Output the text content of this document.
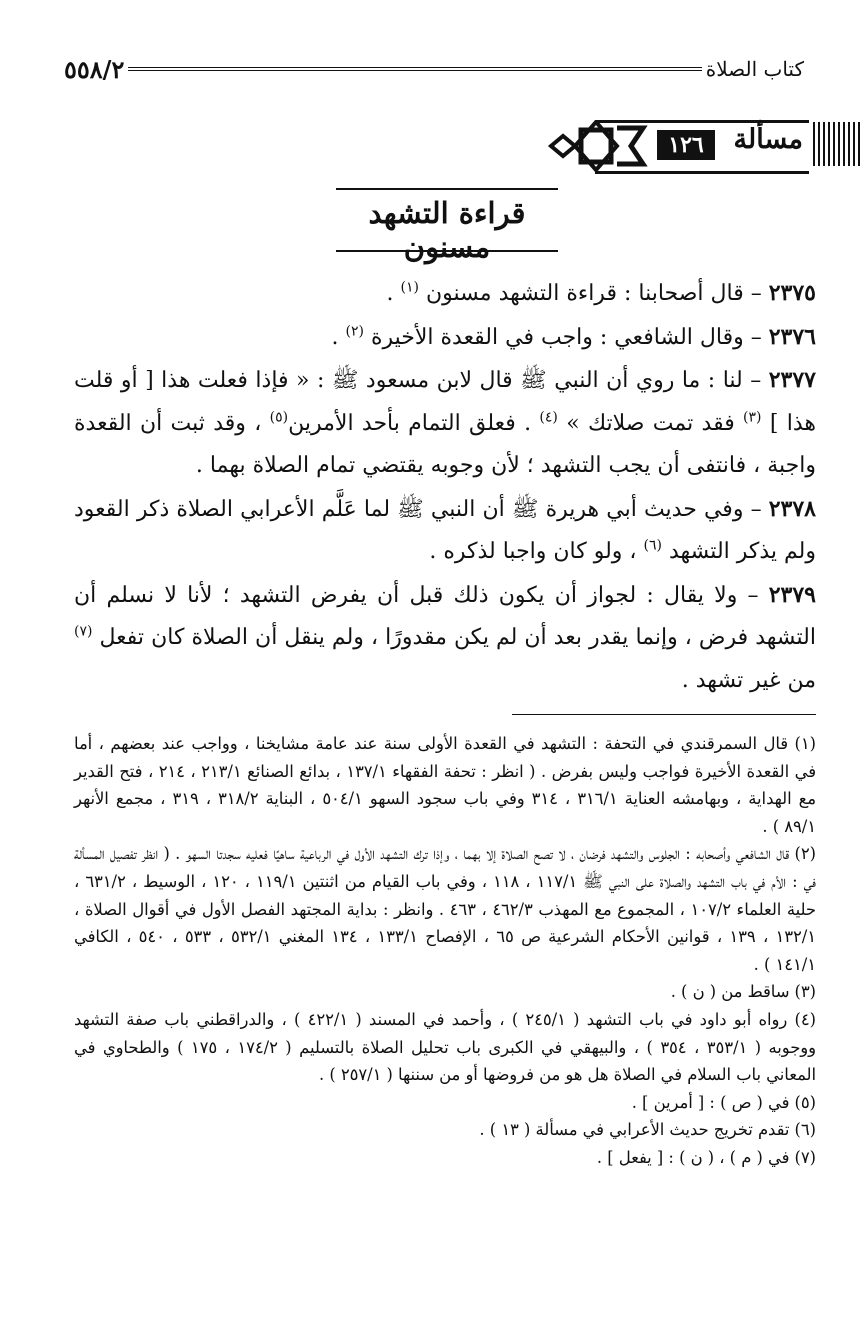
كتاب الصلاة
٥٥٨/٢
مسألة
١٢٦
قراءة التشهد مسنون

٢٣٧٥ – قال أصحابنا : قراءة التشهد مسنون $^{(١)}$ .

٢٣٧٦ – وقال الشافعي : واجب في القعدة الأخيرة $^{(٢)}$ .

٢٣٧٧ – لنا : ما روي أن النبي ﷺ قال لابن مسعود ﷺ : « فإذا فعلت هذا [ أو قلت هذا ] $^{(٣)}$ فقد تمت صلاتك » $^{(٤)}$ . فعلق التمام بأحد الأمرين$^{(٥)}$ ، وقد ثبت أن القعدة واجبة ، فانتفى أن يجب التشهد ؛ لأن وجوبه يقتضي تمام الصلاة بهما .

٢٣٧٨ – وفي حديث أبي هريرة ﷺ أن النبي ﷺ لما عَلَّم الأعرابي الصلاة ذكر القعود ولم يذكر التشهد $^{(٦)}$ ، ولو كان واجبا لذكره .

٢٣٧٩ – ولا يقال : لجواز أن يكون ذلك قبل أن يفرض التشهد ؛ لأنا لا نسلم أن التشهد فرض ، وإنما يقدر بعد أن لم يكن مقدورًا ، ولم ينقل أن الصلاة كان تفعل $^{(٧)}$ من غير تشهد .

(١) قال السمرقندي في التحفة : التشهد في القعدة الأولى سنة عند عامة مشايخنا ، وواجب عند بعضهم ، أما في القعدة الأخيرة فواجب وليس بفرض . ( انظر : تحفة الفقهاء ١٣٧/١ ، بدائع الصنائع ٢١٣/١ ، ٢١٤ ، فتح القدير مع الهداية ، وبهامشه العناية ٣١٦/١ ، ٣١٤ وفي باب سجود السهو ٥٠٤/١ ، البناية ٣١٨/٢ ، ٣١٩ ، مجمع الأنهر ٨٩/١ ) .

(٢) قال الشافعي وأصحابه : الجلوس والتشهد فرضان ، لا تصح الصلاة إلا بهما ، وإذا ترك التشهد الأول في الرباعية ساهيًا فعليه سجدتا السهو . ( انظر تفصيل المسألة في : الأم في باب التشهد والصلاة على النبي ﷺ ١١٧/١ ، ١١٨ ، وفي باب القيام من اثنتين ١١٩/١ ، ١٢٠ ، الوسيط ، ٦٣١/٢ ، حلية العلماء ١٠٧/٢ ، المجموع مع المهذب ٤٦٢/٣ ، ٤٦٣ . وانظر : بداية المجتهد الفصل الأول في أقوال الصلاة ، ١٣٢/١ ، ١٣٩ ، قوانين الأحكام الشرعية ص ٦٥ ، الإفصاح ١٣٣/١ ، ١٣٤ المغني ٥٣٢/١ ، ٥٣٣ ، ٥٤٠ ، الكافي ١٤١/١ ) .

(٣) ساقط من ( ن ) .

(٤) رواه أبو داود في باب التشهد ( ٢٤٥/١ ) ، وأحمد في المسند ( ٤٢٢/١ ) ، والدراقطني باب صفة التشهد ووجوبه ( ٣٥٣/١ ، ٣٥٤ ) ، والبيهقي في الكبرى باب تحليل الصلاة بالتسليم ( ١٧٤/٢ ، ١٧٥ ) والطحاوي في المعاني باب السلام في الصلاة هل هو من فروضها أو من سننها ( ٢٥٧/١ ) .

(٥) في ( ص ) : [ أمرين ] .

(٦) تقدم تخريج حديث الأعرابي في مسألة ( ١٣ ) .

(٧) في ( م ) ، ( ن ) : [ يفعل ] .
